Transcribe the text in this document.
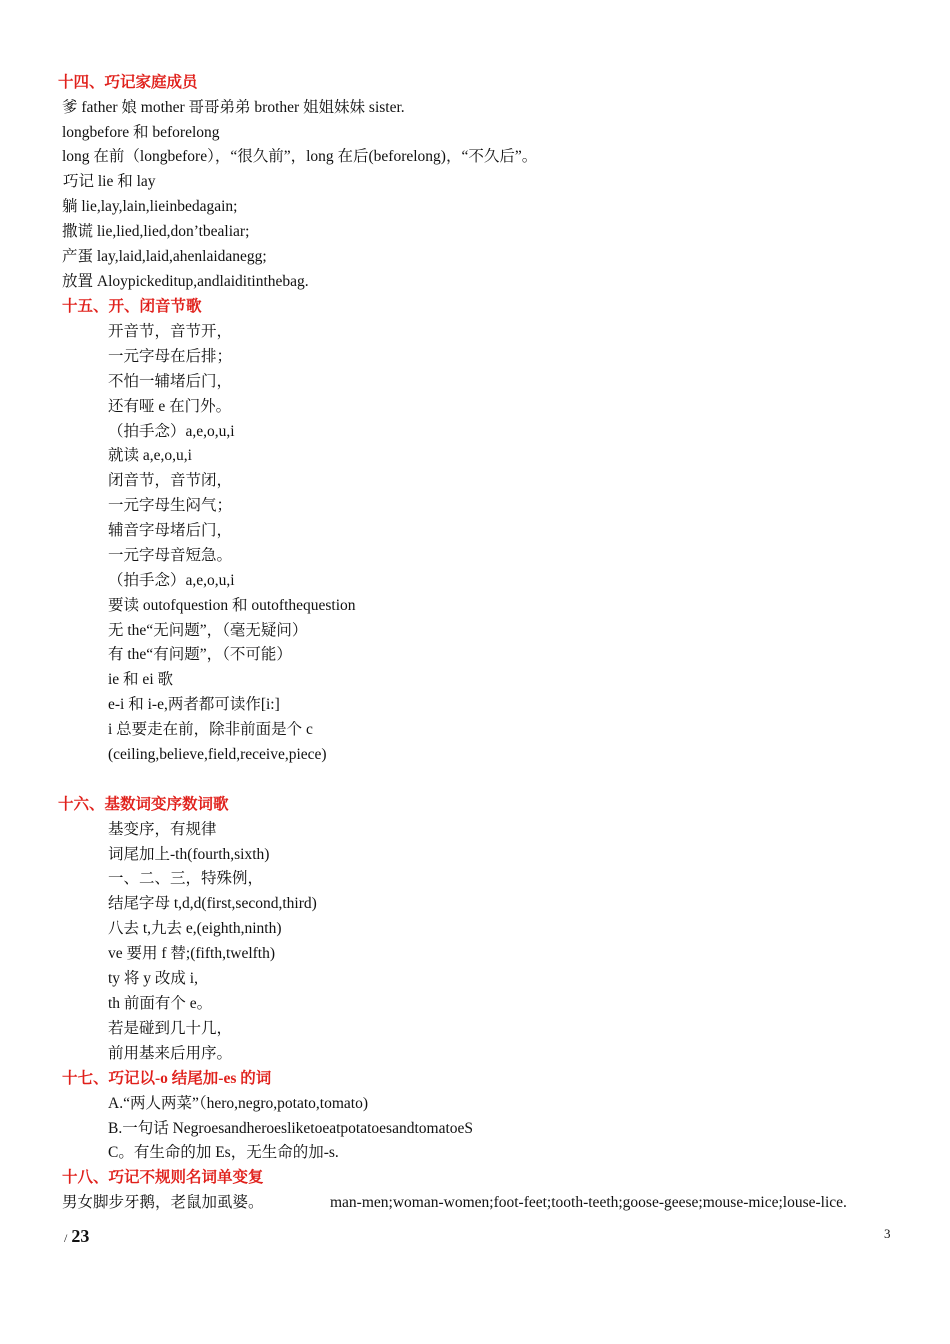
十四、巧记家庭成员
爹 father 娘 mother 哥哥弟弟 brother 姐姐妹妹 sister.
longbefore 和 beforelong
long 在前（longbefore），“很久前”，long 在后(beforelong)，“不久后”。
巧记 lie 和 lay
躺 lie,lay,lain,lieinbedagain;
撒谎 lie,lied,lied,don’tbealiar;
产蛋 lay,laid,laid,ahenlaidanegg;
放置 Aloypickeditup,andlaiditinthebag.
十五、开、闭音节歌
开音节，音节开，
一元字母在后排；
不怕一辅堵后门，
还有哑 e 在门外。
（拍手念）a,e,o,u,i
就读 a,e,o,u,i
闭音节，音节闭，
一元字母生闷气；
辅音字母堵后门，
一元字母音短急。
（拍手念）a,e,o,u,i
要读 outofquestion 和 outofthequestion
无 the“无问题”，（毫无疑问）
有 the“有问题”，（不可能）
ie 和 ei 歌
e-i 和 i-e,两者都可读作[i:]
i 总要走在前，除非前面是个 c
(ceiling,believe,field,receive,piece)
十六、基数词变序数词歌
基变序，有规律
词尾加上-th(fourth,sixth)
一、二、三，特殊例，
结尾字母 t,d,d(first,second,third)
八去 t,九去 e,(eighth,ninth)
ve 要用 f 替;(fifth,twelfth)
ty 将 y 改成 i,
th 前面有个 e。
若是碰到几十几，
前用基来后用序。
十七、巧记以-o 结尾加-es 的词
A.“两人两菜”（hero,negro,potato,tomato)
B.一句话 NegroesandheroesliketoeatpotatoesandtomatoeS
C。有生命的加 Es，无生命的加-s.
十八、巧记不规则名词单变复
男女脚步牙鹅，老鼠加虱婆。	man-men;woman-women;foot-feet;tooth-teeth;goose-geese;mouse-mice;louse-lice.
/ 23	3
